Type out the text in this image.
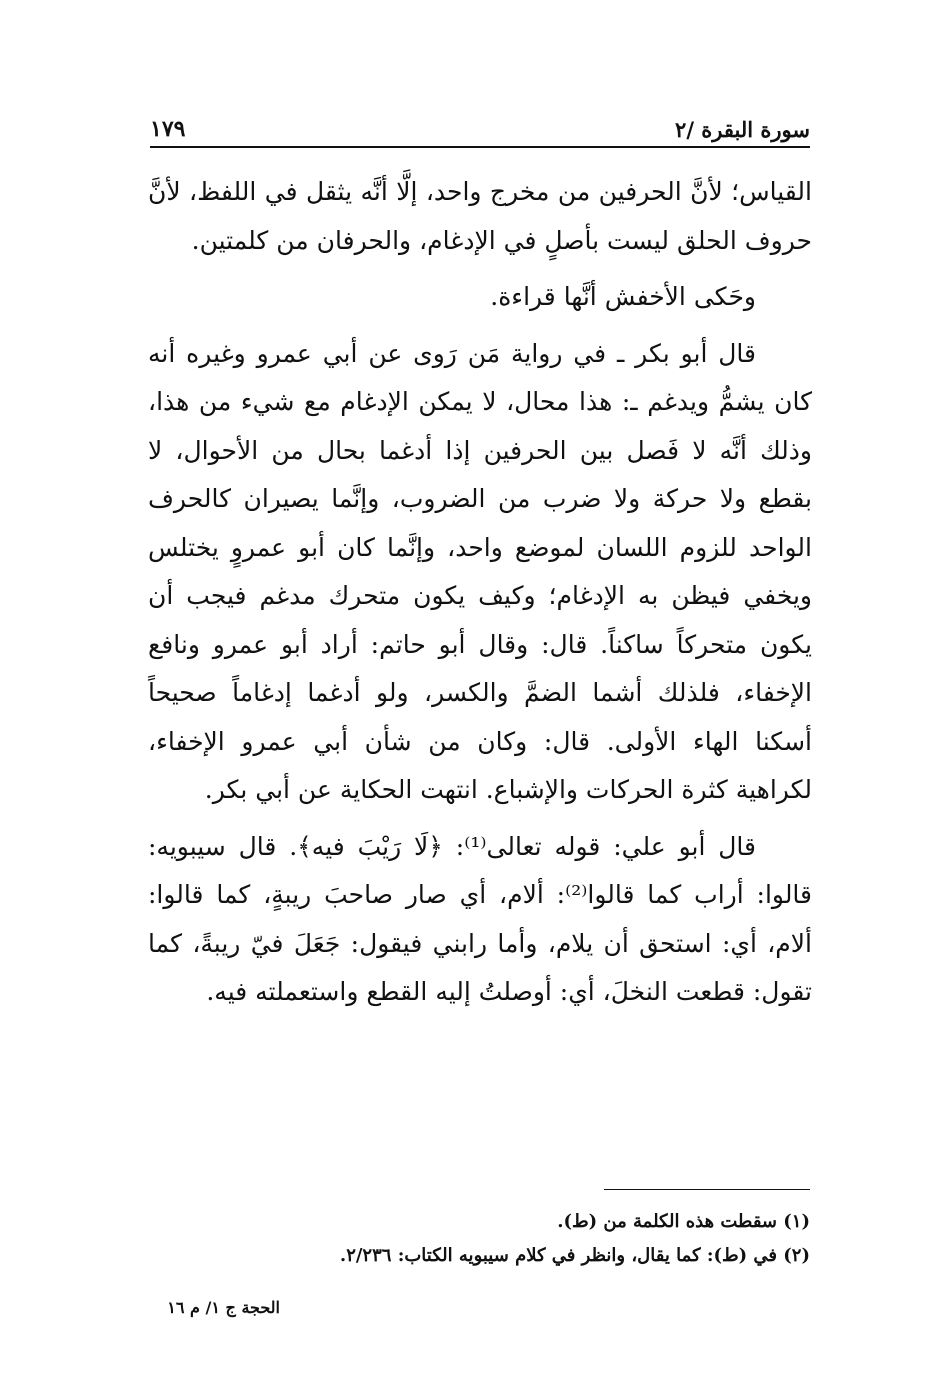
سورة البقرة /٢
١٧٩

القياس؛ لأنَّ الحرفين من مخرج واحد، إلَّا أنَّه يثقل في اللفظ، لأنَّ حروف الحلق ليست بأصلٍ في الإدغام، والحرفان من كلمتين.

وحَكى الأخفش أنَّها قراءة.

قال أبو بكر ـ في رواية مَن رَوى عن أبي عمرو وغيره أنه كان يشمُّ ويدغم ـ: هذا محال، لا يمكن الإدغام مع شيء من هذا، وذلك أنَّه لا فَصل بين الحرفين إذا أدغما بحال من الأحوال، لا بقطع ولا حركة ولا ضرب من الضروب، وإنَّما يصيران كالحرف الواحد للزوم اللسان لموضع واحد، وإنَّما كان أبو عمروٍ يختلس ويخفي فيظن به الإدغام؛ وكيف يكون متحرك مدغم فيجب أن يكون متحركاً ساكناً. قال: وقال أبو حاتم: أراد أبو عمرو ونافع الإخفاء، فلذلك أشما الضمَّ والكسر، ولو أدغما إدغاماً صحيحاً أسكنا الهاء الأولى. قال: وكان من شأن أبي عمرو الإخفاء، لكراهية كثرة الحركات والإشباع. انتهت الحكاية عن أبي بكر.

قال أبو علي: قوله تعالى⁽¹⁾: ﴿لَا رَيْبَ فيه﴾. قال سيبويه: قالوا: أراب كما قالوا⁽²⁾: ألام، أي صار صاحبَ ريبةٍ، كما قالوا: ألام، أي: استحق أن يلام، وأما رابني فيقول: جَعَلَ فيّ ريبةً، كما تقول: قطعت النخلَ، أي: أوصلتُ إليه القطع واستعملته فيه.

(١) سقطت هذه الكلمة من (ط).

(٢) في (ط): كما يقال، وانظر في كلام سيبويه الكتاب: ٢/٢٣٦.

الحجة ج ١/ م ١٦
